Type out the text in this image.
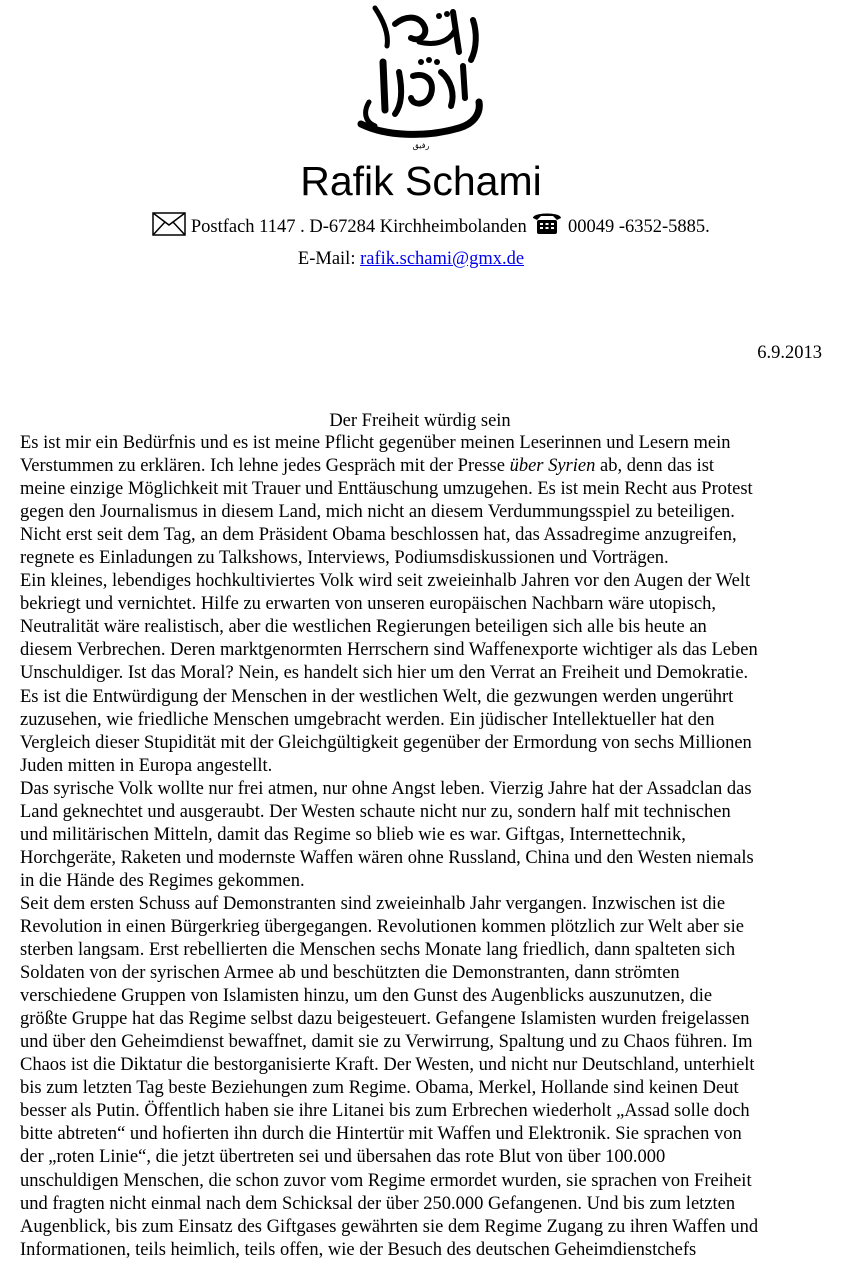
رفيق
Rafik Schami
Postfach 1147 . D-67284 Kirchheimbolanden 00049 -6352-5885.
E-Mail: rafik.schami@gmx.de
6.9.2013
Der Freiheit würdig sein

Es ist mir ein Bedürfnis und es ist meine Pflicht gegenüber meinen Leserinnen und Lesern mein
Verstummen zu erklären. Ich lehne jedes Gespräch mit der Presse über Syrien ab, denn das ist
meine einzige Möglichkeit mit Trauer und Enttäuschung umzugehen. Es ist mein Recht aus Protest
gegen den Journalismus in diesem Land, mich nicht an diesem Verdummungsspiel zu beteiligen.
Nicht erst seit dem Tag, an dem Präsident Obama beschlossen hat, das Assadregime anzugreifen,
regnete es Einladungen zu Talkshows, Interviews, Podiumsdiskussionen und Vorträgen.

Ein kleines, lebendiges hochkultiviertes Volk wird seit zweieinhalb Jahren vor den Augen der Welt
bekriegt und vernichtet. Hilfe zu erwarten von unseren europäischen Nachbarn wäre utopisch,
Neutralität wäre realistisch, aber die westlichen Regierungen beteiligen sich alle bis heute an
diesem Verbrechen. Deren marktgenormten Herrschern sind Waffenexporte wichtiger als das Leben
Unschuldiger. Ist das Moral? Nein, es handelt sich hier um den Verrat an Freiheit und Demokratie.
Es ist die Entwürdigung der Menschen in der westlichen Welt, die gezwungen werden ungerührt
zuzusehen, wie friedliche Menschen umgebracht werden. Ein jüdischer Intellektueller hat den
Vergleich dieser Stupidität mit der Gleichgültigkeit gegenüber der Ermordung von sechs Millionen
Juden mitten in Europa angestellt.

Das syrische Volk wollte nur frei atmen, nur ohne Angst leben. Vierzig Jahre hat der Assadclan das
Land geknechtet und ausgeraubt. Der Westen schaute nicht nur zu, sondern half mit technischen
und militärischen Mitteln, damit das Regime so blieb wie es war. Giftgas, Internettechnik,
Horchgeräte, Raketen und modernste Waffen wären ohne Russland, China und den Westen niemals
in die Hände des Regimes gekommen.

Seit dem ersten Schuss auf Demonstranten sind zweieinhalb Jahr vergangen. Inzwischen ist die
Revolution in einen Bürgerkrieg übergegangen. Revolutionen kommen plötzlich zur Welt aber sie
sterben langsam. Erst rebellierten die Menschen sechs Monate lang friedlich, dann spalteten sich
Soldaten von der syrischen Armee ab und beschützten die Demonstranten, dann strömten
verschiedene Gruppen von Islamisten hinzu, um den Gunst des Augenblicks auszunutzen, die
größte Gruppe hat das Regime selbst dazu beigesteuert. Gefangene Islamisten wurden freigelassen
und über den Geheimdienst bewaffnet, damit sie zu Verwirrung, Spaltung und zu Chaos führen. Im
Chaos ist die Diktatur die bestorganisierte Kraft. Der Westen, und nicht nur Deutschland, unterhielt
bis zum letzten Tag beste Beziehungen zum Regime. Obama, Merkel, Hollande sind keinen Deut
besser als Putin. Öffentlich haben sie ihre Litanei bis zum Erbrechen wiederholt „Assad solle doch
bitte abtreten“ und hofierten ihn durch die Hintertür mit Waffen und Elektronik. Sie sprachen von
der „roten Linie“, die jetzt übertreten sei und übersahen das rote Blut von über 100.000
unschuldigen Menschen, die schon zuvor vom Regime ermordet wurden, sie sprachen von Freiheit
und fragten nicht einmal nach dem Schicksal der über 250.000 Gefangenen. Und bis zum letzten
Augenblick, bis zum Einsatz des Giftgases gewährten sie dem Regime Zugang zu ihren Waffen und
Informationen, teils heimlich, teils offen, wie der Besuch des deutschen Geheimdienstchefs
